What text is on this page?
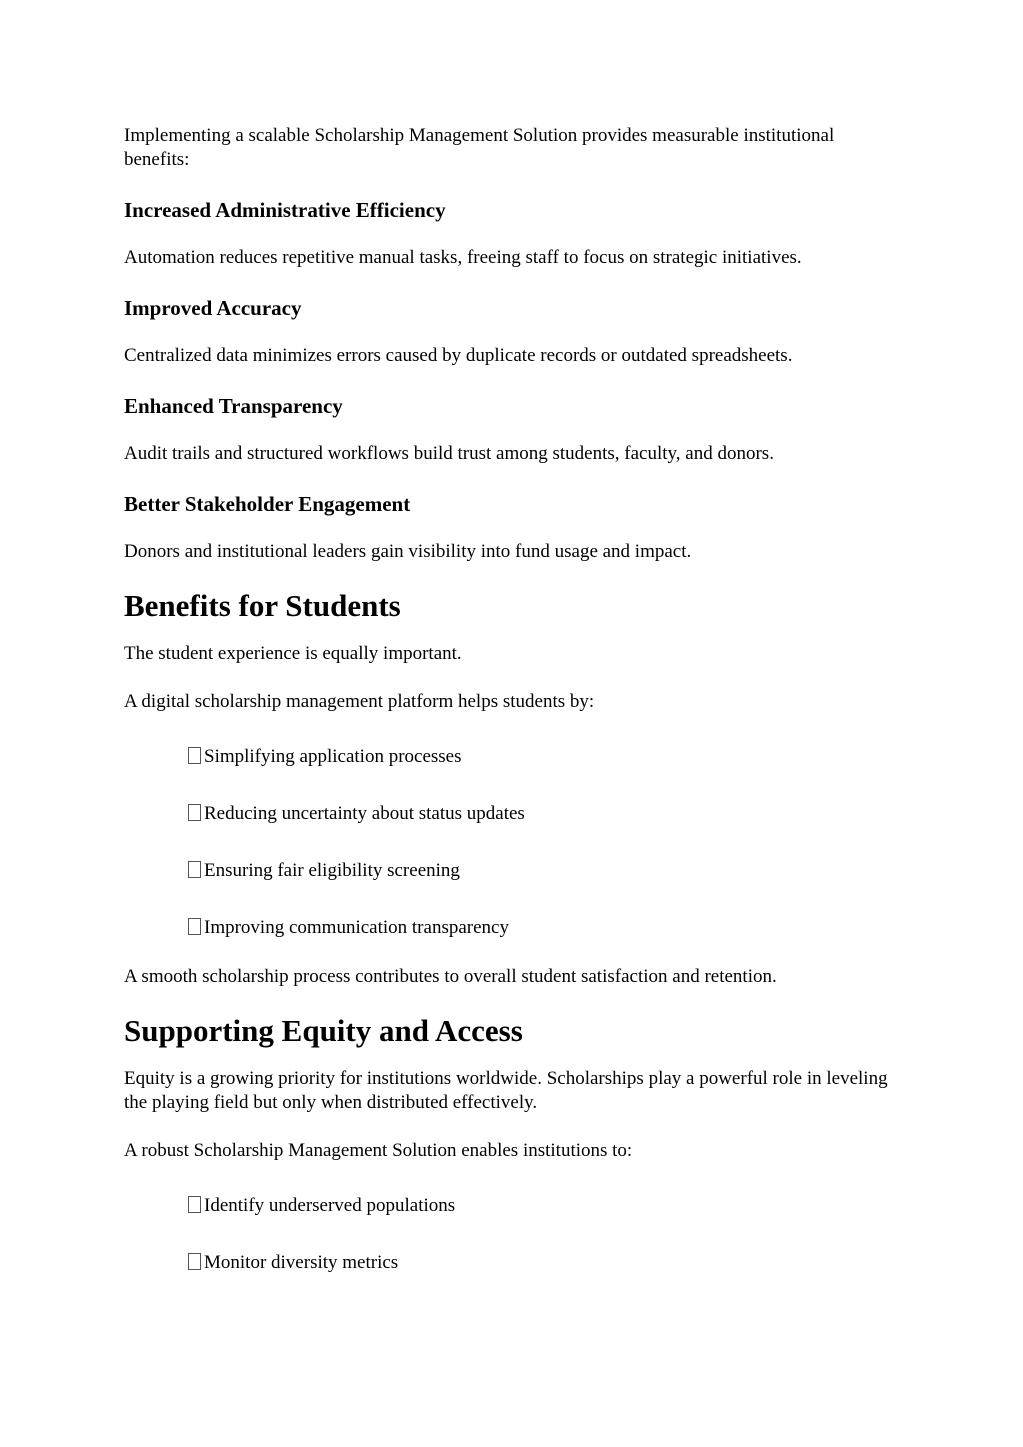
Implementing a scalable Scholarship Management Solution provides measurable institutional benefits:

Increased Administrative Efficiency

Automation reduces repetitive manual tasks, freeing staff to focus on strategic initiatives.

Improved Accuracy

Centralized data minimizes errors caused by duplicate records or outdated spreadsheets.

Enhanced Transparency

Audit trails and structured workflows build trust among students, faculty, and donors.

Better Stakeholder Engagement

Donors and institutional leaders gain visibility into fund usage and impact.

Benefits for Students

The student experience is equally important.

A digital scholarship management platform helps students by:

Simplifying application processes
Reducing uncertainty about status updates
Ensuring fair eligibility screening
Improving communication transparency

A smooth scholarship process contributes to overall student satisfaction and retention.

Supporting Equity and Access

Equity is a growing priority for institutions worldwide. Scholarships play a powerful role in leveling the playing field but only when distributed effectively.

A robust Scholarship Management Solution enables institutions to:

Identify underserved populations
Monitor diversity metrics
